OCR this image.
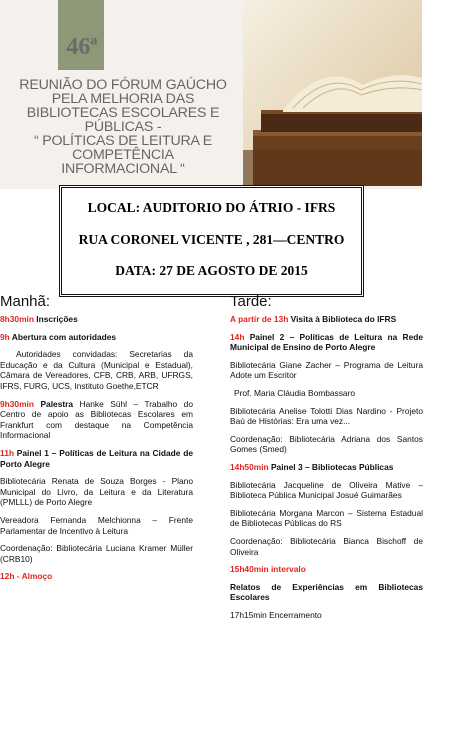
46ª
REUNIÃO DO FÓRUM GAÚCHO
PELA MELHORIA DAS
BIBLIOTECAS ESCOLARES E
PÚBLICAS -
“ POLÍTICAS DE LEITURA E
COMPETÊNCIA
INFORMACIONAL “
LOCAL: AUDITORIO DO ÁTRIO - IFRS
RUA CORONEL VICENTE , 281—CENTRO
DATA: 27 DE AGOSTO DE 2015
Manhã:	Tarde:

8h30min Inscrições

9h Abertura com autoridades

Autoridades convidadas: Secretarias da Educação e da Cultura (Municipal e Estadual), Câmara de Vereadores, CFB, CRB, ARB, UFRGS, IFRS, FURG, UCS, Instituto Goethe,ETCR

9h30min Palestra Hanke Sühl – Trabalho do Centro de apoio as Bibliotecas Escolares em Frankfurt com destaque na Competência Informacional

11h Painel 1 – Políticas de Leitura na Cidade de Porto Alegre

Bibliotecária Renata de Souza Borges - Plano Municipal do Livro, da Leitura e da Literatura (PMLLL) de Porto Alegre

Vereadora Fernanda Melchionna – Frente Parlamentar de Incentivo à Leitura

Coordenação: Bibliotecária Luciana Kramer Müller (CRB10)

12h - Almoço

A partir de 13h Visita à Biblioteca do IFRS

14h Painel 2 – Políticas de Leitura na Rede Municipal de Ensino de Porto Alegre

Bibliotecária Giane Zacher – Programa de Leitura Adote um Escritor

Prof. Maria Cláudia Bombassaro

Bibliotecária Anelise Tolotti Dias Nardino - Projeto Baú de Histórias: Era uma vez...

Coordenação: Bibliotecária Adriana dos Santos Gomes (Smed)

14h50min Painel 3 – Bibliotecas Públicas

Bibliotecária Jacqueline de Oliveira Mative – Biblioteca Pública Municipal Josué Guimarães

Bibliotecária Morgana Marcon – Sistema Estadual de Bibliotecas Públicas do RS

Coordenação: Bibliotecária Bianca Bischoff de Oliveira

15h40min intervalo

Relatos de Experiências em Bibliotecas Escolares

17h15min Encerramento
